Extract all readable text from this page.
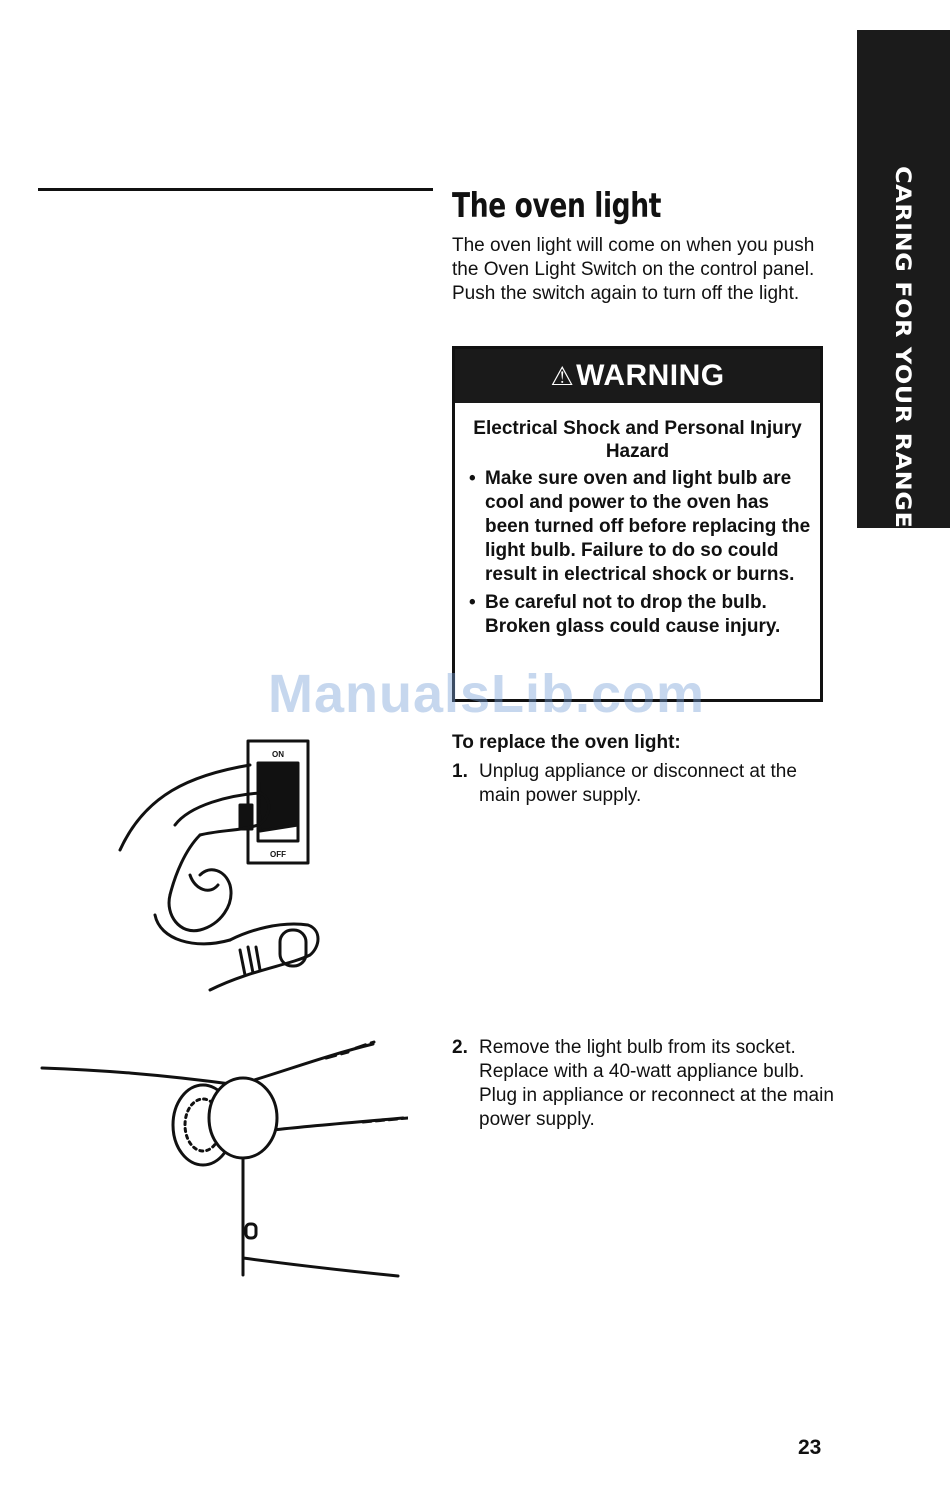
CARING FOR YOUR RANGE
The oven light

The oven light will come on when you push the Oven Light Switch on the control panel. Push the switch again to turn off the light.

⚠ WARNING
Electrical Shock and Personal Injury Hazard
• Make sure oven and light bulb are cool and power to the oven has been turned off before replacing the light bulb. Failure to do so could result in electrical shock or burns.
• Be careful not to drop the bulb. Broken glass could cause injury.
ManualsLib.com
To replace the oven light:

1. Unplug appliance or disconnect at the main power supply.

2. Remove the light bulb from its socket. Replace with a 40-watt appliance bulb. Plug in appliance or reconnect at the main power supply.

ON
OFF
23
